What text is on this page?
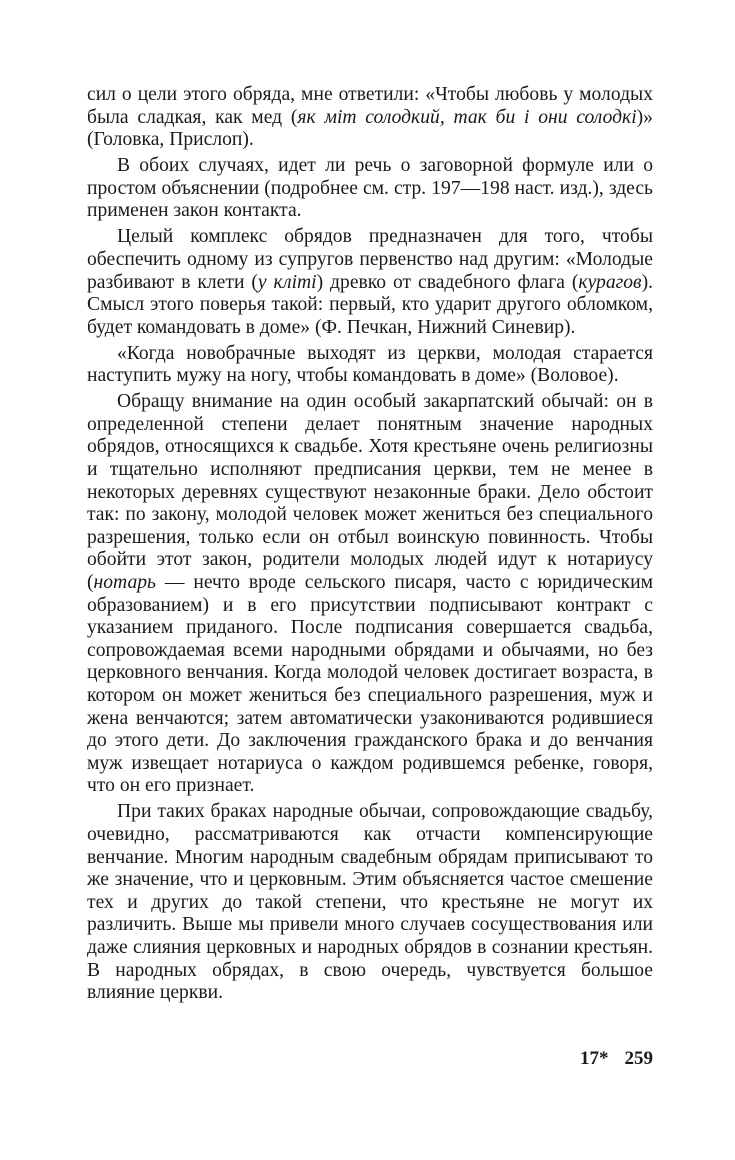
сил о цели этого обряда, мне ответили: «Чтобы любовь у молодых была сладкая, как мед (як міт солодкий, так би і они солодкі)» (Головка, Прислоп).

В обоих случаях, идет ли речь о заговорной формуле или о простом объяснении (подробнее см. стр. 197—198 наст. изд.), здесь применен закон контакта.

Целый комплекс обрядов предназначен для того, чтобы обеспечить одному из супругов первенство над другим: «Молодые разбивают в клети (у кліті) древко от свадебного флага (курагов). Смысл этого поверья такой: первый, кто ударит другого обломком, будет командовать в доме» (Ф. Печкан, Нижний Синевир).

«Когда новобрачные выходят из церкви, молодая старается наступить мужу на ногу, чтобы командовать в доме» (Воловое).

Обращу внимание на один особый закарпатский обычай: он в определенной степени делает понятным значение народных обрядов, относящихся к свадьбе. Хотя крестьяне очень религиозны и тщательно исполняют предписания церкви, тем не менее в некоторых деревнях существуют незаконные браки. Дело обстоит так: по закону, молодой человек может жениться без специального разрешения, только если он отбыл воинскую повинность. Чтобы обойти этот закон, родители молодых людей идут к нотариусу (нотарь — нечто вроде сельского писаря, часто с юридическим образованием) и в его присутствии подписывают контракт с указанием приданого. После подписания совершается свадьба, сопровождаемая всеми народными обрядами и обычаями, но без церковного венчания. Когда молодой человек достигает возраста, в котором он может жениться без специального разрешения, муж и жена венчаются; затем автоматически узакониваются родившиеся до этого дети. До заключения гражданского брака и до венчания муж извещает нотариуса о каждом родившемся ребенке, говоря, что он его признает.

При таких браках народные обычаи, сопровождающие свадьбу, очевидно, рассматриваются как отчасти компенсирующие венчание. Многим народным свадебным обрядам приписывают то же значение, что и церковным. Этим объясняется частое смешение тех и других до такой степени, что крестьяне не могут их различить. Выше мы привели много случаев сосуществования или даже слияния церковных и народных обрядов в сознании крестьян. В народных обрядах, в свою очередь, чувствуется большое влияние церкви.

17* 259
